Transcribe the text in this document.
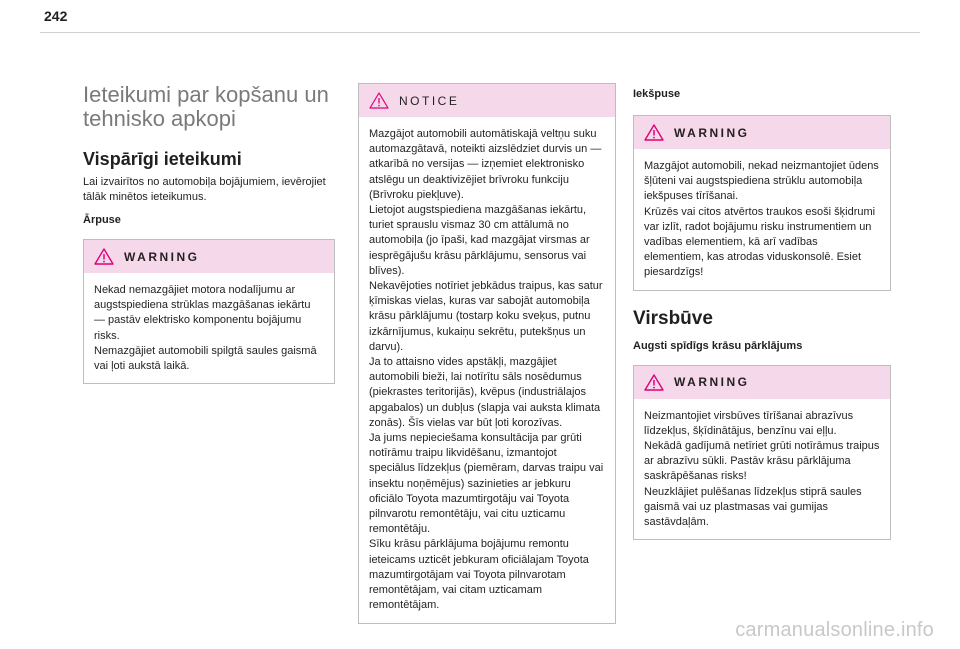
242
Ieteikumi par kopšanu un
tehnisko apkopi
Vispārīgi ieteikumi

Lai izvairītos no automobiļa bojājumiem, ievērojiet tālāk minētos ieteikumus.

Ārpuse
WARNING

Nekad nemazgājiet motora nodalījumu ar augstspiediena strūklas mazgāšanas iekārtu — pastāv elektrisko komponentu bojājumu risks.

Nemazgājiet automobili spilgtā saules gaismā vai ļoti aukstā laikā.

NOTICE

Mazgājot automobili automātiskajā veltņu suku automazgātavā, noteikti aizslēdziet durvis un — atkarībā no versijas — izņemiet elektronisko atslēgu un deaktivizējiet brīvroku funkciju (Brīvroku piekļuve).

Lietojot augstspiediena mazgāšanas iekārtu, turiet sprauslu vismaz 30 cm attālumā no automobiļa (jo īpaši, kad mazgājat virsmas ar iesprēgājušu krāsu pārklājumu, sensorus vai blīves).

Nekavējoties notīriet jebkādus traipus, kas satur ķīmiskas vielas, kuras var sabojāt automobiļa krāsu pārklājumu (tostarp koku sveķus, putnu izkārnījumus, kukaiņu sekrētu, putekšņus un darvu).

Ja to attaisno vides apstākļi, mazgājiet automobili bieži, lai notīrītu sāls nosēdumus (piekrastes teritorijās), kvēpus (industriālajos apgabalos) un dubļus (slapja vai auksta klimata zonās). Šīs vielas var būt ļoti korozīvas.

Ja jums nepieciešama konsultācija par grūti notīrāmu traipu likvidēšanu, izmantojot speciālus līdzekļus (piemēram, darvas traipu vai insektu noņēmējus) sazinieties ar jebkuru oficiālo Toyota mazumtirgotāju vai Toyota pilnvarotu remontētāju, vai citu uzticamu remontētāju.

Sīku krāsu pārklājuma bojājumu remontu ieteicams uzticēt jebkuram oficiālajam Toyota mazumtirgotājam vai Toyota pilnvarotam remontētājam, vai citam uzticamam remontētājam.

Iekšpuse
WARNING

Mazgājot automobili, nekad neizmantojiet ūdens šļūteni vai augstspiediena strūklu automobiļa iekšpuses tīrīšanai.

Krūzēs vai citos atvērtos traukos esoši šķidrumi var izlīt, radot bojājumu risku instrumentiem un vadības elementiem, kā arī vadības elementiem, kas atrodas viduskonsolē. Esiet piesardzīgs!

Virsbūve
Augsti spīdīgs krāsu pārklājums
WARNING

Neizmantojiet virsbūves tīrīšanai abrazīvus līdzekļus, šķīdinātājus, benzīnu vai eļļu.

Nekādā gadījumā netīriet grūti notīrāmus traipus ar abrazīvu sūkli. Pastāv krāsu pārklājuma saskrāpēšanas risks!

Neuzklājiet pulēšanas līdzekļus stiprā saules gaismā vai uz plastmasas vai gumijas sastāvdaļām.

carmanualsonline.info
